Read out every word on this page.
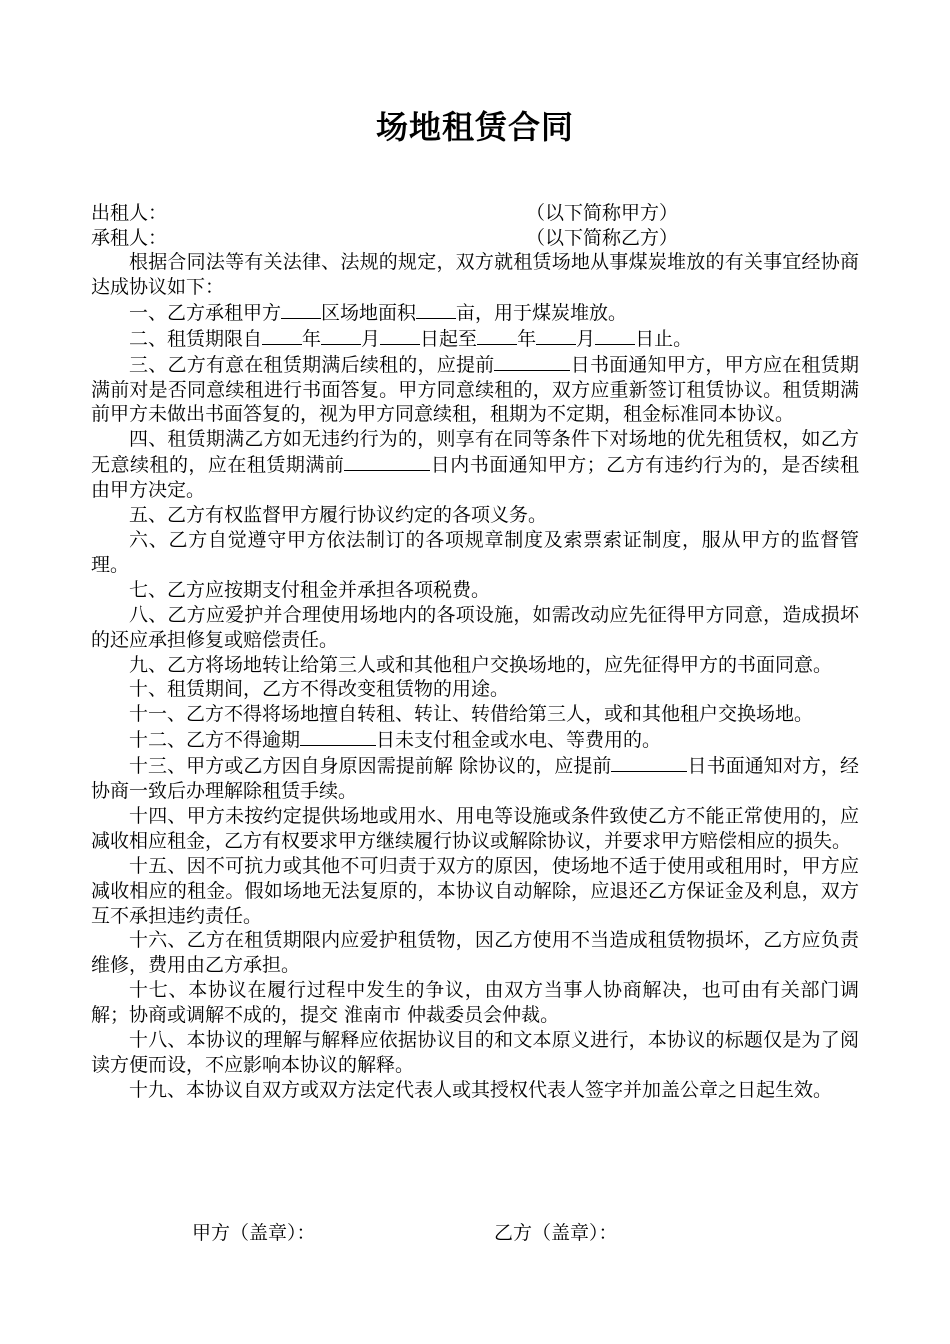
场地租赁合同
出租人：	（以下简称甲方）
承租人：	（以下简称乙方）

根据合同法等有关法律、法规的规定，双方就租赁场地从事煤炭堆放的有关事宜经协商达成协议如下：

一、乙方承租甲方 区场地面积 亩，用于煤炭堆放。

二、租赁期限自 年 月 日起至 年 月 日止。

三、乙方有意在租赁期满后续租的，应提前	日书面通知甲方，甲方应在租赁期满前对是否同意续租进行书面答复。甲方同意续租的，双方应重新签订租赁协议。租赁期满前甲方未做出书面答复的，视为甲方同意续租，租期为不定期，租金标准同本协议。

四、租赁期满乙方如无违约行为的，则享有在同等条件下对场地的优先租赁权，如乙方无意续租的，应在租赁期满前	日内书面通知甲方；乙方有违约行为的，是否续租由甲方决定。

五、乙方有权监督甲方履行协议约定的各项义务。

六、乙方自觉遵守甲方依法制订的各项规章制度及索票索证制度，服从甲方的监督管理。

七、乙方应按期支付租金并承担各项税费。

八、乙方应爱护并合理使用场地内的各项设施，如需改动应先征得甲方同意，造成损坏的还应承担修复或赔偿责任。

九、乙方将场地转让给第三人或和其他租户交换场地的，应先征得甲方的书面同意。

十、租赁期间，乙方不得改变租赁物的用途。

十一、乙方不得将场地擅自转租、转让、转借给第三人，或和其他租户交换场地。

十二、乙方不得逾期	日未支付租金或水电、等费用的。

十三、甲方或乙方因自身原因需提前解 除协议的，应提前	日书面通知对方，经协商一致后办理解除租赁手续。

十四、甲方未按约定提供场地或用水、用电等设施或条件致使乙方不能正常使用的，应减收相应租金，乙方有权要求甲方继续履行协议或解除协议，并要求甲方赔偿相应的损失。

十五、因不可抗力或其他不可归责于双方的原因，使场地不适于使用或租用时，甲方应减收相应的租金。假如场地无法复原的，本协议自动解除，应退还乙方保证金及利息，双方互不承担违约责任。

十六、乙方在租赁期限内应爱护租赁物，因乙方使用不当造成租赁物损坏，乙方应负责维修，费用由乙方承担。

十七、本协议在履行过程中发生的争议，由双方当事人协商解决，也可由有关部门调解；协商或调解不成的，提交 淮南市 仲裁委员会仲裁。

十八、本协议的理解与解释应依据协议目的和文本原义进行，本协议的标题仅是为了阅读方便而设，不应影响本协议的解释。

十九、本协议自双方或双方法定代表人或其授权代表人签字并加盖公章之日起生效。

甲方（盖章）：	乙方（盖章）：
